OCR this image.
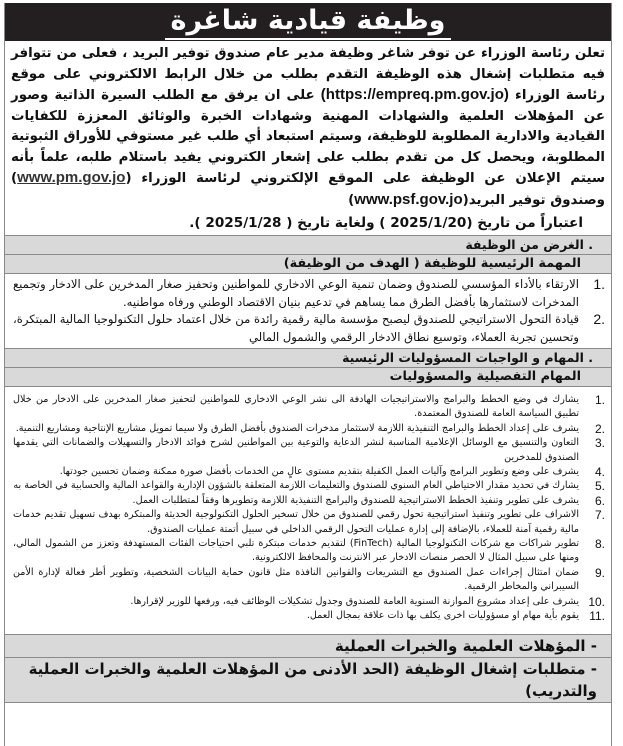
وظيفة قيادية شاغرة
تعلن رئاسة الوزراء عن توفر شاغر وظيفة مدير عام صندوق توفير البريد ، فعلى من تتوافر فيه متطلبات إشغال هذه الوظيفة التقدم بطلب من خلال الرابط الالكتروني على موقع رئاسة الوزراء (https://empreq.pm.gov.jo) على ان يرفق مع الطلب السيرة الذاتية وصور عن المؤهلات العلمية والشهادات المهنية وشهادات الخبرة والوثائق المعززة للكفايات القيادية والادارية المطلوبة للوظيفة، وسيتم استبعاد أي طلب غير مستوفي للأوراق الثبوتية المطلوبة، ويحصل كل من تقدم بطلب على إشعار الكتروني يفيد باستلام طلبه، علماً بأنه سيتم الإعلان عن الوظيفة على الموقع الإلكتروني لرئاسة الوزراء (www.pm.gov.jo) وصندوق توفير البريد(www.psf.gov.jo)
اعتباراً من تاريخ (2025/1/20 ) ولغاية تاريخ ( 2025/1/28 ).
. الغرض من الوظيفة
المهمة الرئيسية للوظيفة ( الهدف من الوظيفة)
1.
الارتقاء بالأداء المؤسسي للصندوق وضمان تنمية الوعي الادخاري للمواطنين وتحفيز صغار المدخرين على الادخار وتجميع المدخرات لاستثمارها بأفضل الطرق مما يساهم في تدعيم بنيان الاقتصاد الوطني ورفاه مواطنيه.
2.
قيادة التحول الاستراتيجي للصندوق ليصبح مؤسسة مالية رقمية رائدة من خلال اعتماد حلول التكنولوجيا المالية المبتكرة، وتحسين تجربة العملاء، وتوسيع نطاق الادخار الرقمي والشمول المالي
. المهام و الواجبات المسؤوليات الرئيسية
المهام التفصيلية والمسؤوليات
1.
يشارك في وضع الخطط والبرامج والاستراتيجيات الهادفة الى نشر الوعي الادخاري للمواطنين لتحفيز صغار المدخرين على الادخار من خلال تطبيق السياسة العامة للصندوق المعتمدة.
2.
يشرف على إعداد الخطط والبرامج التنفيذية اللازمة لاستثمار مدخرات الصندوق بأفضل الطرق ولا سيما تمويل مشاريع الإنتاجية ومشاريع التنمية.
3.
التعاون والتنسيق مع الوسائل الإعلامية المناسبة لنشر الدعاية والتوعية بين المواطنين لشرح فوائد الادخار والتسهيلات والضمانات التي يقدمها الصندوق للمدخرين
4.
يشرف على وضع وتطوير البرامج وآليات العمل الكفيلة بتقديم مستوى عالٍ من الخدمات بأفضل صورة ممكنة وضمان تحسين جودتها.
5.
يشارك في تحديد مقدار الاحتياطي العام السنوي للصندوق والتعليمات اللازمة المتعلقة بالشؤون الإدارية والقواعد المالية والحسابية في الخاصة به
6.
يشرف على تطوير وتنفيذ الخطط الاستراتيجية للصندوق والبرامج التنفيذية اللازمة وتطويرها وفقاً لمتطلبات العمل.
7.
الاشراف على تطوير وتنفيذ استراتيجية تحول رقمي للصندوق من خلال تسخير الحلول التكنولوجية الحديثة والمبتكرة بهدف تسهيل تقديم خدمات مالية رقمية آمنة للعملاء، بالإضافة إلى إدارة عمليات التحول الرقمي الداخلي في سبيل أتمتة عمليات الصندوق.
8.
تطوير شراكات مع شركات التكنولوجيا المالية (FinTech) لتقديم خدمات مبتكرة تلبي احتياجات الفئات المستهدفة وتعزز من الشمول المالي، ومنها على سبيل المثال لا الحصر منصات الادخار عبر الانترنت والمحافظ الالكترونية.
9.
ضمان امتثال إجراءات عمل الصندوق مع التشريعات والقوانين النافذة مثل قانون حماية البيانات الشخصية، وتطوير أطر فعالة لإدارة الأمن السيبراني والمخاطر الرقمية.
10.
يشرف على إعداد مشروع الموازنة السنوية العامة للصندوق وجدول تشكيلات الوظائف فيه، ورفعها للوزير لإقرارها.
11.
يقوم بأية مهام او مسؤوليات اخرى يكلف بها ذات علاقة بمجال العمل.
- المؤهلات العلمية والخبرات العملية
- متطلبات إشغال الوظيفة (الحد الأدنى من المؤهلات العلمية والخبرات العملية والتدريب)
